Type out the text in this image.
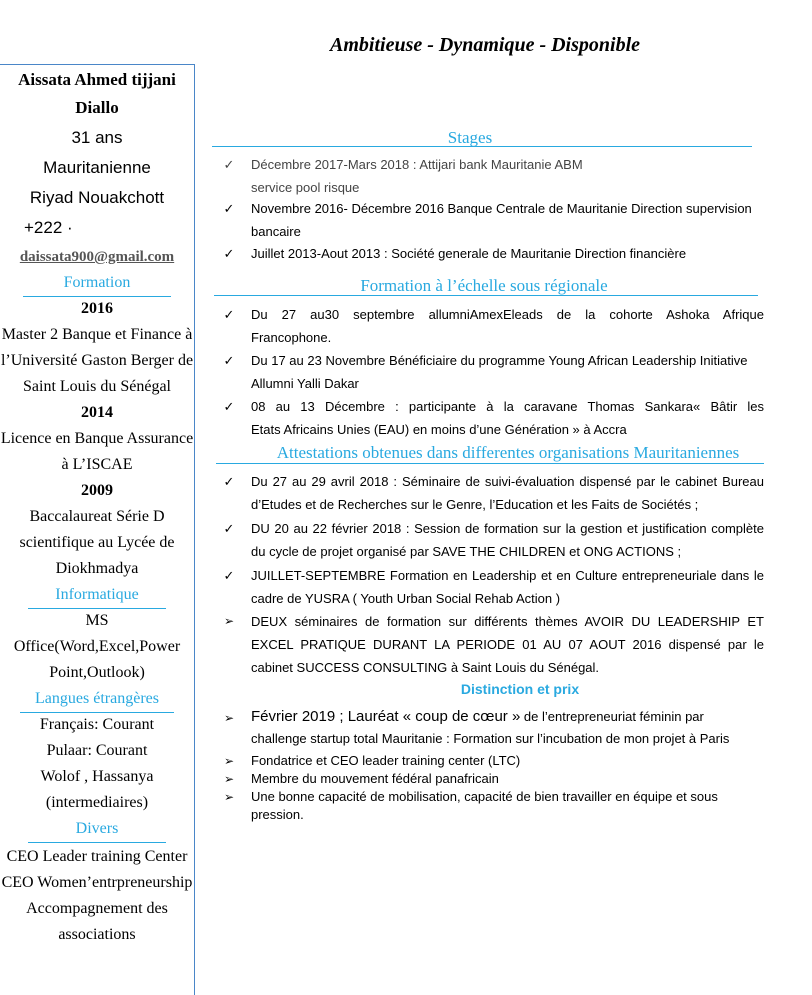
Ambitieuse - Dynamique - Disponible
Aissata Ahmed tijjani
Diallo
31 ans
Mauritanienne
Riyad Nouakchott
+222 ·
daissata900@gmail.com
Formation
2016
Master 2 Banque et Finance à
l’Université Gaston Berger de
Saint Louis du Sénégal
2014
Licence en Banque Assurance
à L’ISCAE
2009
Baccalaureat Série D
scientifique au Lycée de
Diokhmadya
Informatique
MS
Office(Word,Excel,Power
Point,Outlook)
Langues étrangères
Français: Courant
Pulaar: Courant
Wolof , Hassanya
(intermediaires)
Divers
CEO Leader training Center
CEO Women’entrpreneurship
Accompagnement des
associations
Stages
✓ Décembre 2017-Mars 2018 : Attijari bank Mauritanie ABM
service pool risque
✓ Novembre 2016- Décembre 2016 Banque Centrale de Mauritanie Direction supervision
bancaire
✓ Juillet 2013-Aout 2013 : Société generale de Mauritanie Direction financière
Formation à l’échelle sous régionale
✓ Du 27 au30 septembre allumniAmexEleads de la cohorte Ashoka Afrique
Francophone.
✓ Du 17 au 23 Novembre Bénéficiaire du programme Young African Leadership Initiative
Allumni Yalli Dakar
✓ 08 au 13 Décembre : participante à la caravane Thomas Sankara« Bâtir les
Etats Africains Unies (EAU) en moins d’une Génération » à Accra
Attestations obtenues dans differentes organisations Mauritaniennes
✓ Du 27 au 29 avril 2018 : Séminaire de suivi-évaluation dispensé par le cabinet Bureau
d’Etudes et de Recherches sur le Genre, l’Education et les Faits de Sociétés ;
✓ DU 20 au 22 février 2018 : Session de formation sur la gestion et justification complète
du cycle de projet organisé par SAVE THE CHILDREN et ONG ACTIONS ;
✓ JUILLET-SEPTEMBRE Formation en Leadership et en Culture entrepreneuriale dans le
cadre de YUSRA ( Youth Urban Social Rehab Action )
➢ DEUX séminaires de formation sur différents thèmes AVOIR DU LEADERSHIP ET
EXCEL PRATIQUE DURANT LA PERIODE 01 AU 07 AOUT 2016 dispensé par le
cabinet SUCCESS CONSULTING à Saint Louis du Sénégal.
Distinction et prix
➢ Février 2019 ; Lauréat « coup de cœur » de l’entrepreneuriat féminin par
challenge startup total Mauritanie : Formation sur l’incubation de mon projet à Paris
➢ Fondatrice et CEO leader training center (LTC)
➢ Membre du mouvement fédéral panafricain
➢ Une bonne capacité de mobilisation, capacité de bien travailler en équipe et sous
pression.
